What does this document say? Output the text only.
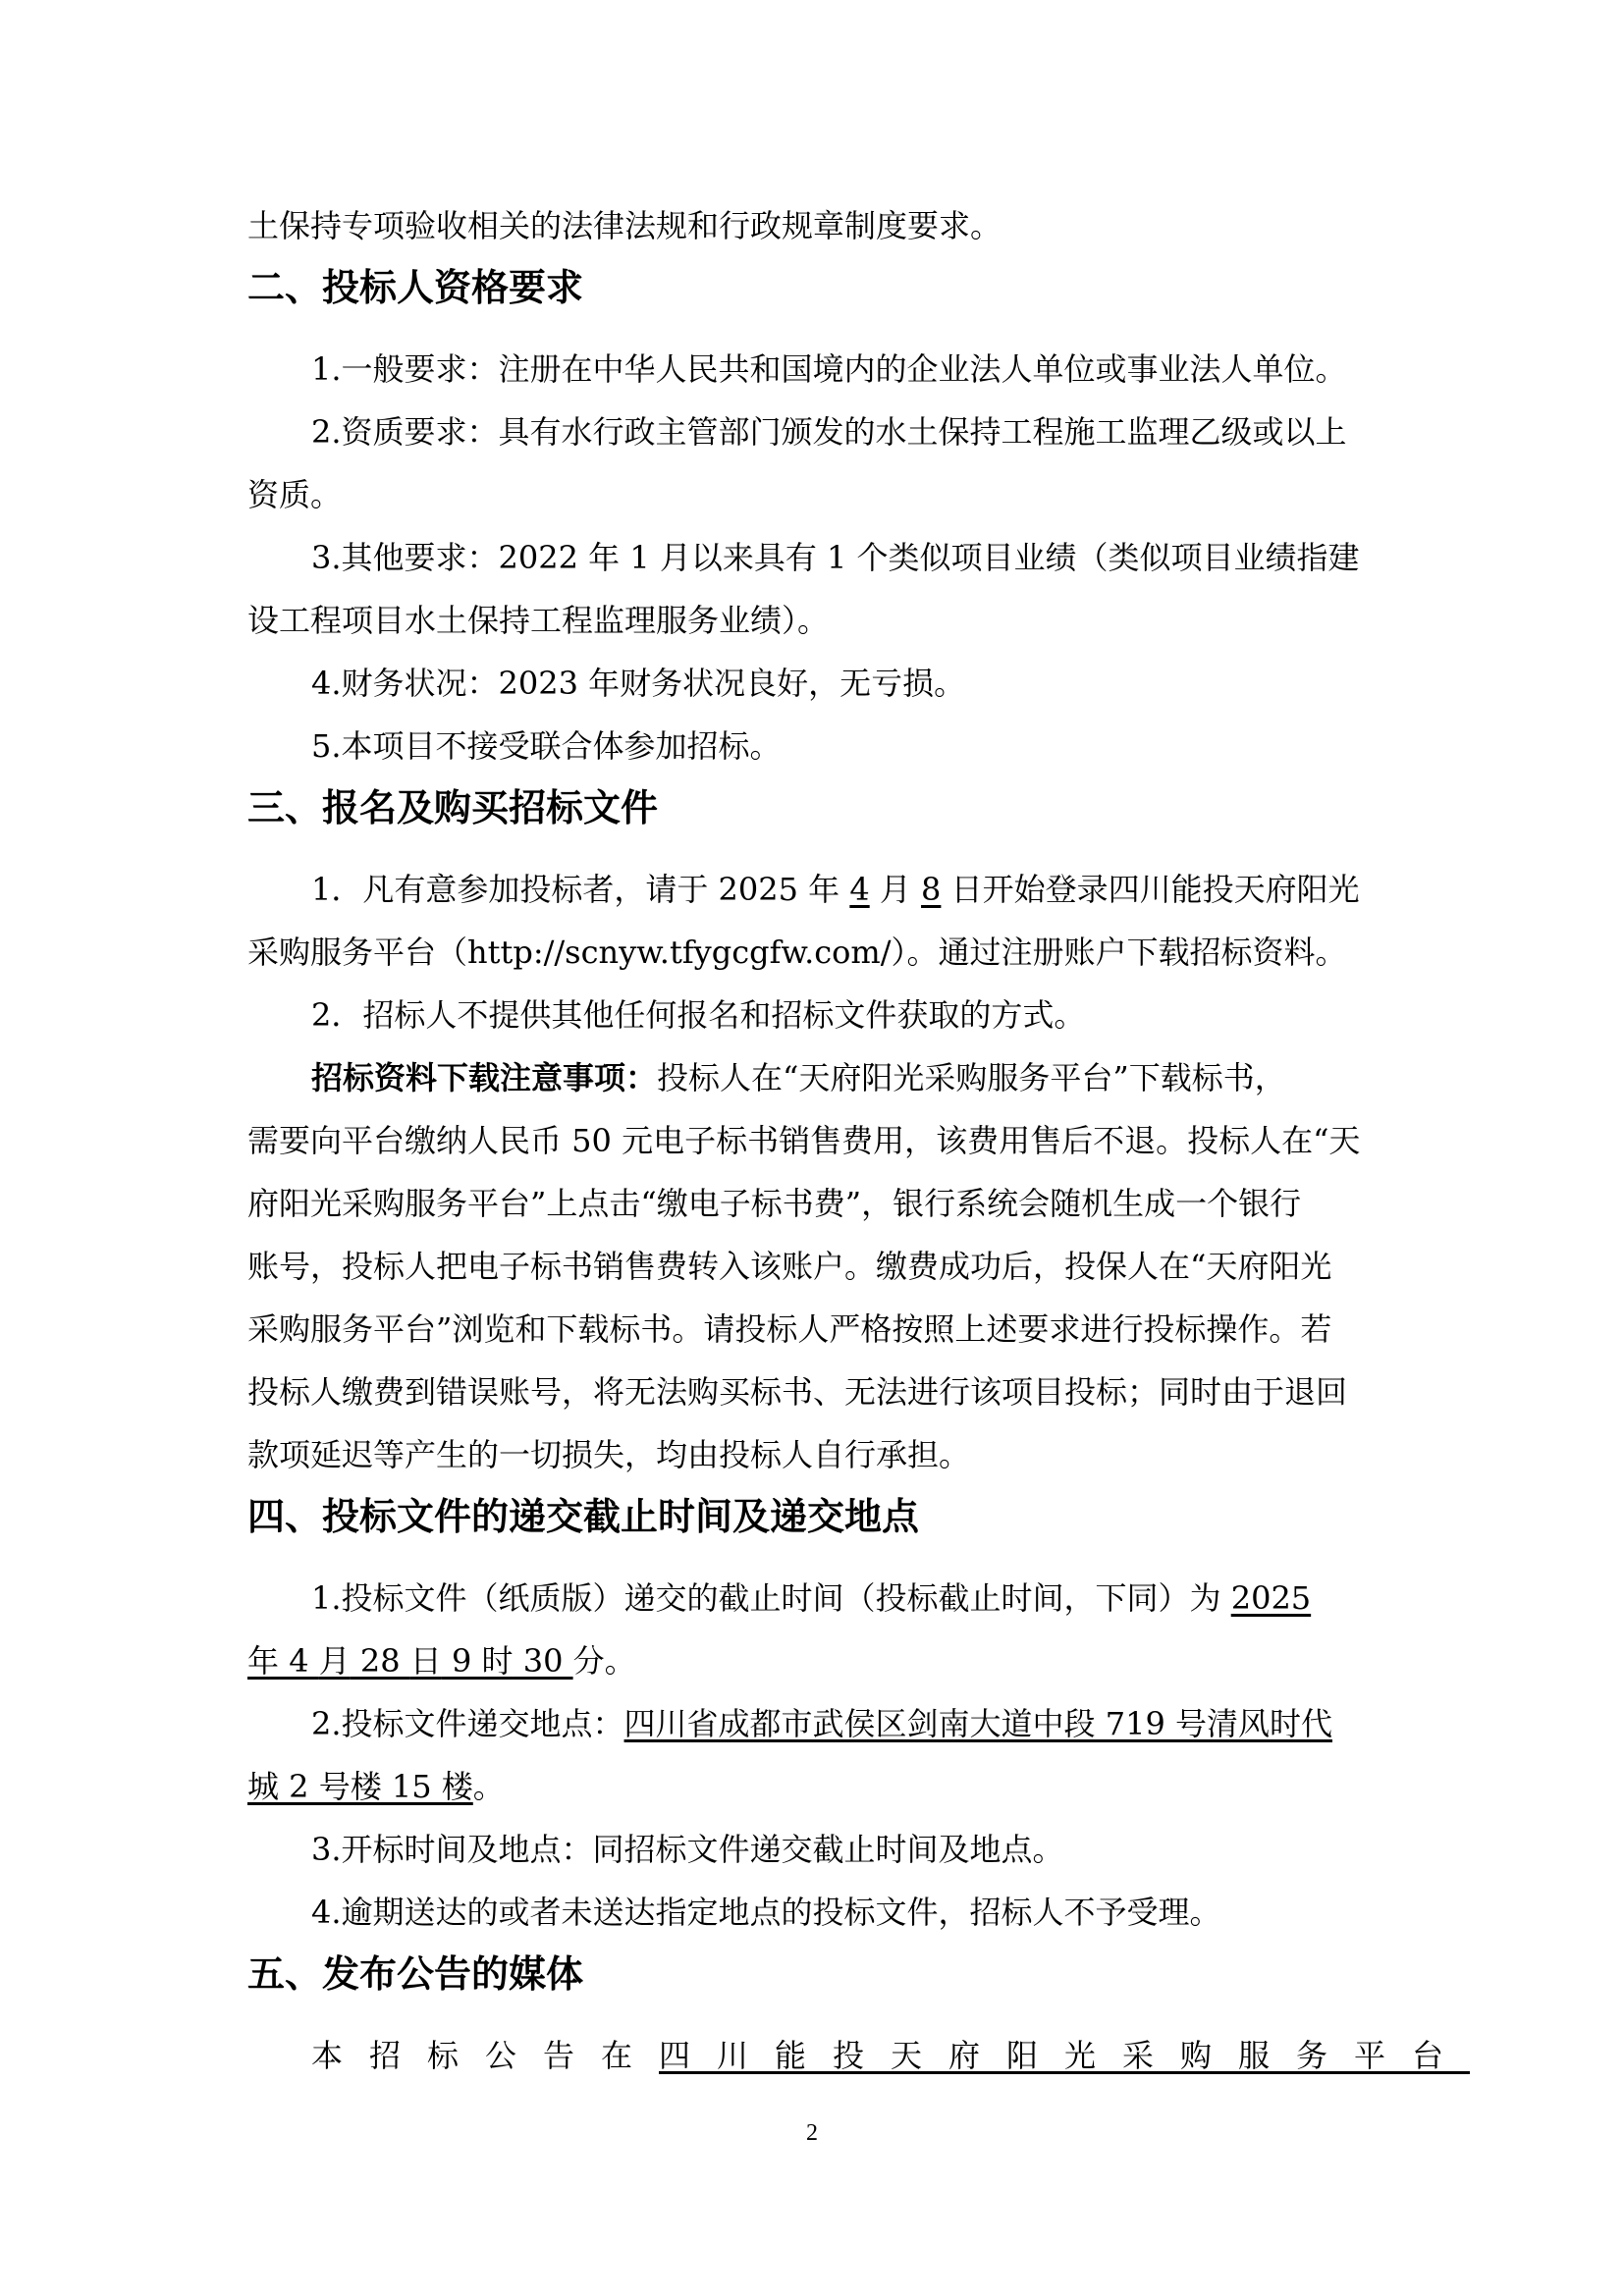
土保持专项验收相关的法律法规和行政规章制度要求。
二、投标人资格要求
1.一般要求：注册在中华人民共和国境内的企业法人单位或事业法人单位。
2.资质要求：具有水行政主管部门颁发的水土保持工程施工监理乙级或以上
资质。
3.其他要求：2022 年 1 月以来具有 1 个类似项目业绩（类似项目业绩指建
设工程项目水土保持工程监理服务业绩）。
4.财务状况：2023 年财务状况良好，无亏损。
5.本项目不接受联合体参加招标。
三、报名及购买招标文件
1．凡有意参加投标者，请于 2025 年 4 月 8 日开始登录四川能投天府阳光
采购服务平台（http://scnyw.tfygcgfw.com/）。通过注册账户下载招标资料。
2．招标人不提供其他任何报名和招标文件获取的方式。
招标资料下载注意事项：投标人在“天府阳光采购服务平台”下载标书，
需要向平台缴纳人民币 50 元电子标书销售费用，该费用售后不退。投标人在“天
府阳光采购服务平台”上点击“缴电子标书费”，银行系统会随机生成一个银行
账号，投标人把电子标书销售费转入该账户。缴费成功后，投保人在“天府阳光
采购服务平台”浏览和下载标书。请投标人严格按照上述要求进行投标操作。若
投标人缴费到错误账号，将无法购买标书、无法进行该项目投标；同时由于退回
款项延迟等产生的一切损失，均由投标人自行承担。
四、投标文件的递交截止时间及递交地点
1.投标文件（纸质版）递交的截止时间（投标截止时间，下同）为 2025
年 4 月 28 日 9 时 30 分。
2.投标文件递交地点：四川省成都市武侯区剑南大道中段 719 号清风时代
城 2 号楼 15 楼。
3.开标时间及地点：同招标文件递交截止时间及地点。
4.逾期送达的或者未送达指定地点的投标文件，招标人不予受理。
五、发布公告的媒体
本招标公告在四川能投天府阳光采购服务平台
2
